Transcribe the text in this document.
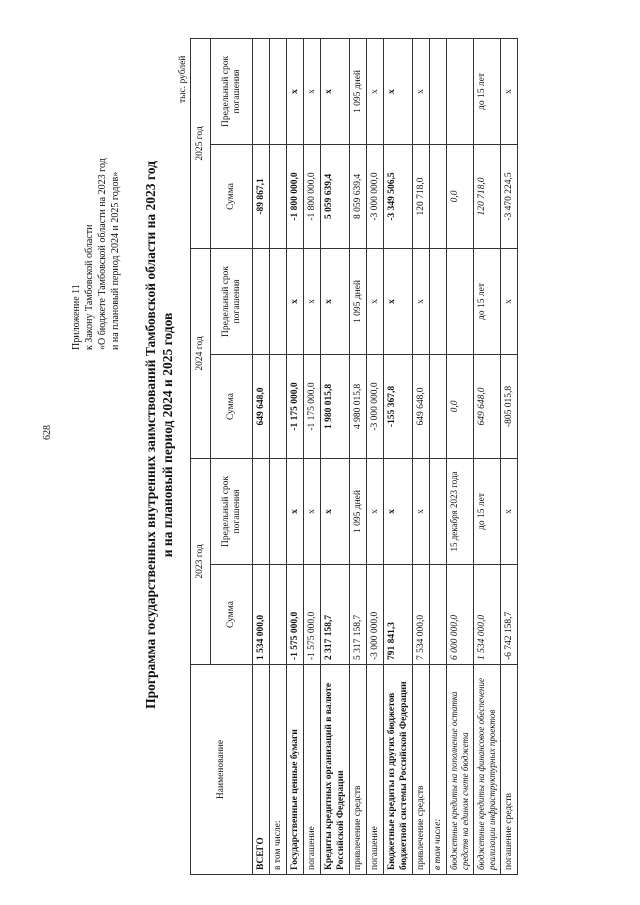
628
Приложение 11 к Закону Тамбовской области «О бюджете Тамбовской области на 2023 год и на плановый период 2024 и 2025 годов» Программа государственных внутренних заимствований Тамбовской области на 2023 год и на плановый период 2024 и 2025 годов
тыс. рублей
Наименование	2023 год		2024 год		2025 год	
	Сумма	Предельный срок погашения	Сумма	Предельный срок погашения	Сумма	Предельный срок погашения
ВСЕГО	1 534 000,0		649 648,0		-89 867,1	
в том числе:						
Государственные ценные бумаги	-1 575 000,0	x	-1 175 000,0	x	-1 800 000,0	x
погашение	-1 575 000,0	x	-1 175 000,0	x	-1 800 000,0	x
Кредиты кредитных организаций в валюте Российской Федерации	2 317 158,7	x	1 980 015,8	x	5 059 639,4	x
привлечение средств	5 317 158,7	1 095 дней	4 980 015,8	1 095 дней	8 059 639,4	1 095 дней
погашение	-3 000 000,0	x	-3 000 000,0	x	-3 000 000,0	x
Бюджетные кредиты из других бюджетов бюджетной системы Российской Федерации	791 841,3	x	-155 367,8	x	-3 349 506,5	x
привлечение средств	7 534 000,0	x	649 648,0	x	120 718,0	x
в том числе:						
бюджетные кредиты на пополнение остатка средств на едином счете бюджета	6 000 000,0	15 декабря 2023 года	0,0		0,0	
бюджетные кредиты на финансовое обеспечение реализации инфраструктурных проектов	1 534 000,0	до 15 лет	649 648,0	до 15 лет	120 718,0	до 15 лет
погашение средств	-6 742 158,7	x	-805 015,8	x	-3 470 224,5	x
